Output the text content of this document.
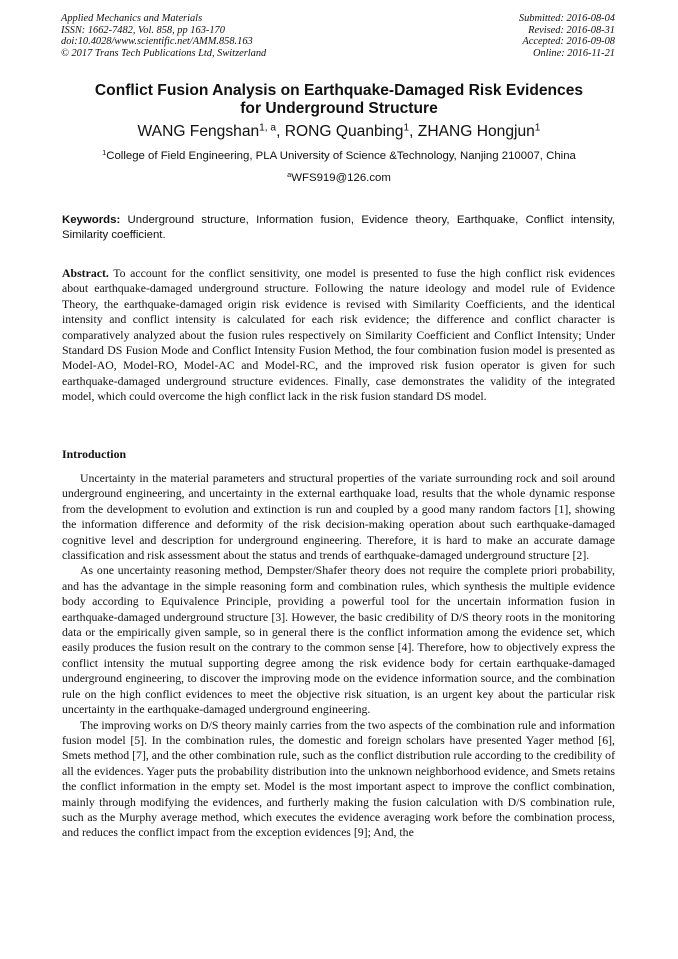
Applied Mechanics and Materials
ISSN: 1662-7482, Vol. 858, pp 163-170
doi:10.4028/www.scientific.net/AMM.858.163
© 2017 Trans Tech Publications Ltd, Switzerland
Submitted: 2016-08-04
Revised: 2016-08-31
Accepted: 2016-09-08
Online: 2016-11-21
Conflict Fusion Analysis on Earthquake-Damaged Risk Evidences
for Underground Structure
WANG Fengshan$^{1, a}$, RONG Quanbing$^1$, ZHANG Hongjun$^1$
$^1$College of Field Engineering, PLA University of Science &Technology, Nanjing 210007, China
$^a$WFS919@126.com
Keywords: Underground structure, Information fusion, Evidence theory, Earthquake, Conflict intensity, Similarity coefficient.
Abstract. To account for the conflict sensitivity, one model is presented to fuse the high conflict risk evidences about earthquake-damaged underground structure. Following the nature ideology and model rule of Evidence Theory, the earthquake-damaged origin risk evidence is revised with Similarity Coefficients, and the identical intensity and conflict intensity is calculated for each risk evidence; the difference and conflict character is comparatively analyzed about the fusion rules respectively on Similarity Coefficient and Conflict Intensity; Under Standard DS Fusion Mode and Conflict Intensity Fusion Method, the four combination fusion model is presented as Model-AO, Model-RO, Model-AC and Model-RC, and the improved risk fusion operator is given for such earthquake-damaged underground structure evidences. Finally, case demonstrates the validity of the integrated model, which could overcome the high conflict lack in the risk fusion standard DS model.
Introduction

Uncertainty in the material parameters and structural properties of the variate surrounding rock and soil around underground engineering, and uncertainty in the external earthquake load, results that the whole dynamic response from the development to evolution and extinction is run and coupled by a good many random factors [1], showing the information difference and deformity of the risk decision-making operation about such earthquake-damaged cognitive level and description for underground engineering. Therefore, it is hard to make an accurate damage classification and risk assessment about the status and trends of earthquake-damaged underground structure [2].

As one uncertainty reasoning method, Dempster/Shafer theory does not require the complete priori probability, and has the advantage in the simple reasoning form and combination rules, which synthesis the multiple evidence body according to Equivalence Principle, providing a powerful tool for the uncertain information fusion in earthquake-damaged underground structure [3]. However, the basic credibility of D/S theory roots in the monitoring data or the empirically given sample, so in general there is the conflict information among the evidence set, which easily produces the fusion result on the contrary to the common sense [4]. Therefore, how to objectively express the conflict intensity the mutual supporting degree among the risk evidence body for certain earthquake-damaged underground engineering, to discover the improving mode on the evidence information source, and the combination rule on the high conflict evidences to meet the objective risk situation, is an urgent key about the particular risk uncertainty in the earthquake-damaged underground engineering.

The improving works on D/S theory mainly carries from the two aspects of the combination rule and information fusion model [5]. In the combination rules, the domestic and foreign scholars have presented Yager method [6], Smets method [7], and the other combination rule, such as the conflict distribution rule according to the credibility of all the evidences. Yager puts the probability distribution into the unknown neighborhood evidence, and Smets retains the conflict information in the empty set. Model is the most important aspect to improve the conflict combination, mainly through modifying the evidences, and furtherly making the fusion calculation with D/S combination rule, such as the Murphy average method, which executes the evidence averaging work before the combination process, and reduces the conflict impact from the exception evidences [9]; And, the
